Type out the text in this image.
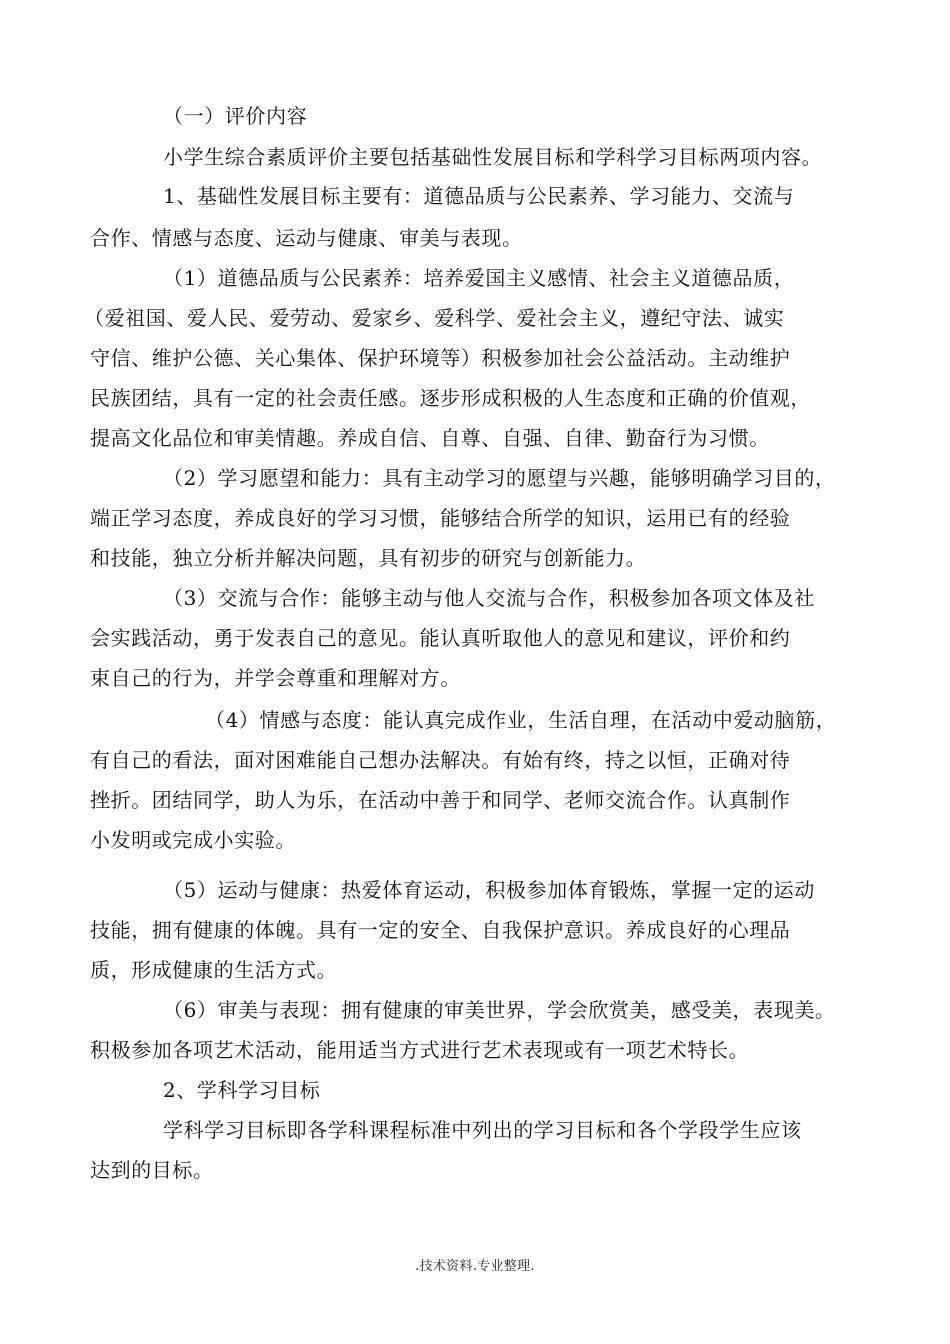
（一）评价内容
小学生综合素质评价主要包括基础性发展目标和学科学习目标两项内容。
1、基础性发展目标主要有：道德品质与公民素养、学习能力、交流与
合作、情感与态度、运动与健康、审美与表现。
（1）道德品质与公民素养：培养爱国主义感情、社会主义道德品质，
（爱祖国、爱人民、爱劳动、爱家乡、爱科学、爱社会主义，遵纪守法、诚实
守信、维护公德、关心集体、保护环境等）积极参加社会公益活动。主动维护
民族团结，具有一定的社会责任感。逐步形成积极的人生态度和正确的价值观，
提高文化品位和审美情趣。养成自信、自尊、自强、自律、勤奋行为习惯。
（2）学习愿望和能力：具有主动学习的愿望与兴趣，能够明确学习目的，
端正学习态度，养成良好的学习习惯，能够结合所学的知识，运用已有的经验
和技能，独立分析并解决问题，具有初步的研究与创新能力。
（3）交流与合作：能够主动与他人交流与合作，积极参加各项文体及社
会实践活动，勇于发表自己的意见。能认真听取他人的意见和建议，评价和约
束自己的行为，并学会尊重和理解对方。
（4）情感与态度：能认真完成作业，生活自理，在活动中爱动脑筋，
有自己的看法，面对困难能自己想办法解决。有始有终，持之以恒，正确对待
挫折。团结同学，助人为乐，在活动中善于和同学、老师交流合作。认真制作
小发明或完成小实验。
（5）运动与健康：热爱体育运动，积极参加体育锻炼，掌握一定的运动
技能，拥有健康的体魄。具有一定的安全、自我保护意识。养成良好的心理品
质，形成健康的生活方式。
（6）审美与表现：拥有健康的审美世界，学会欣赏美，感受美，表现美。
积极参加各项艺术活动，能用适当方式进行艺术表现或有一项艺术特长。
2、学科学习目标
学科学习目标即各学科课程标准中列出的学习目标和各个学段学生应该
达到的目标。
.技术资料.专业整理.
